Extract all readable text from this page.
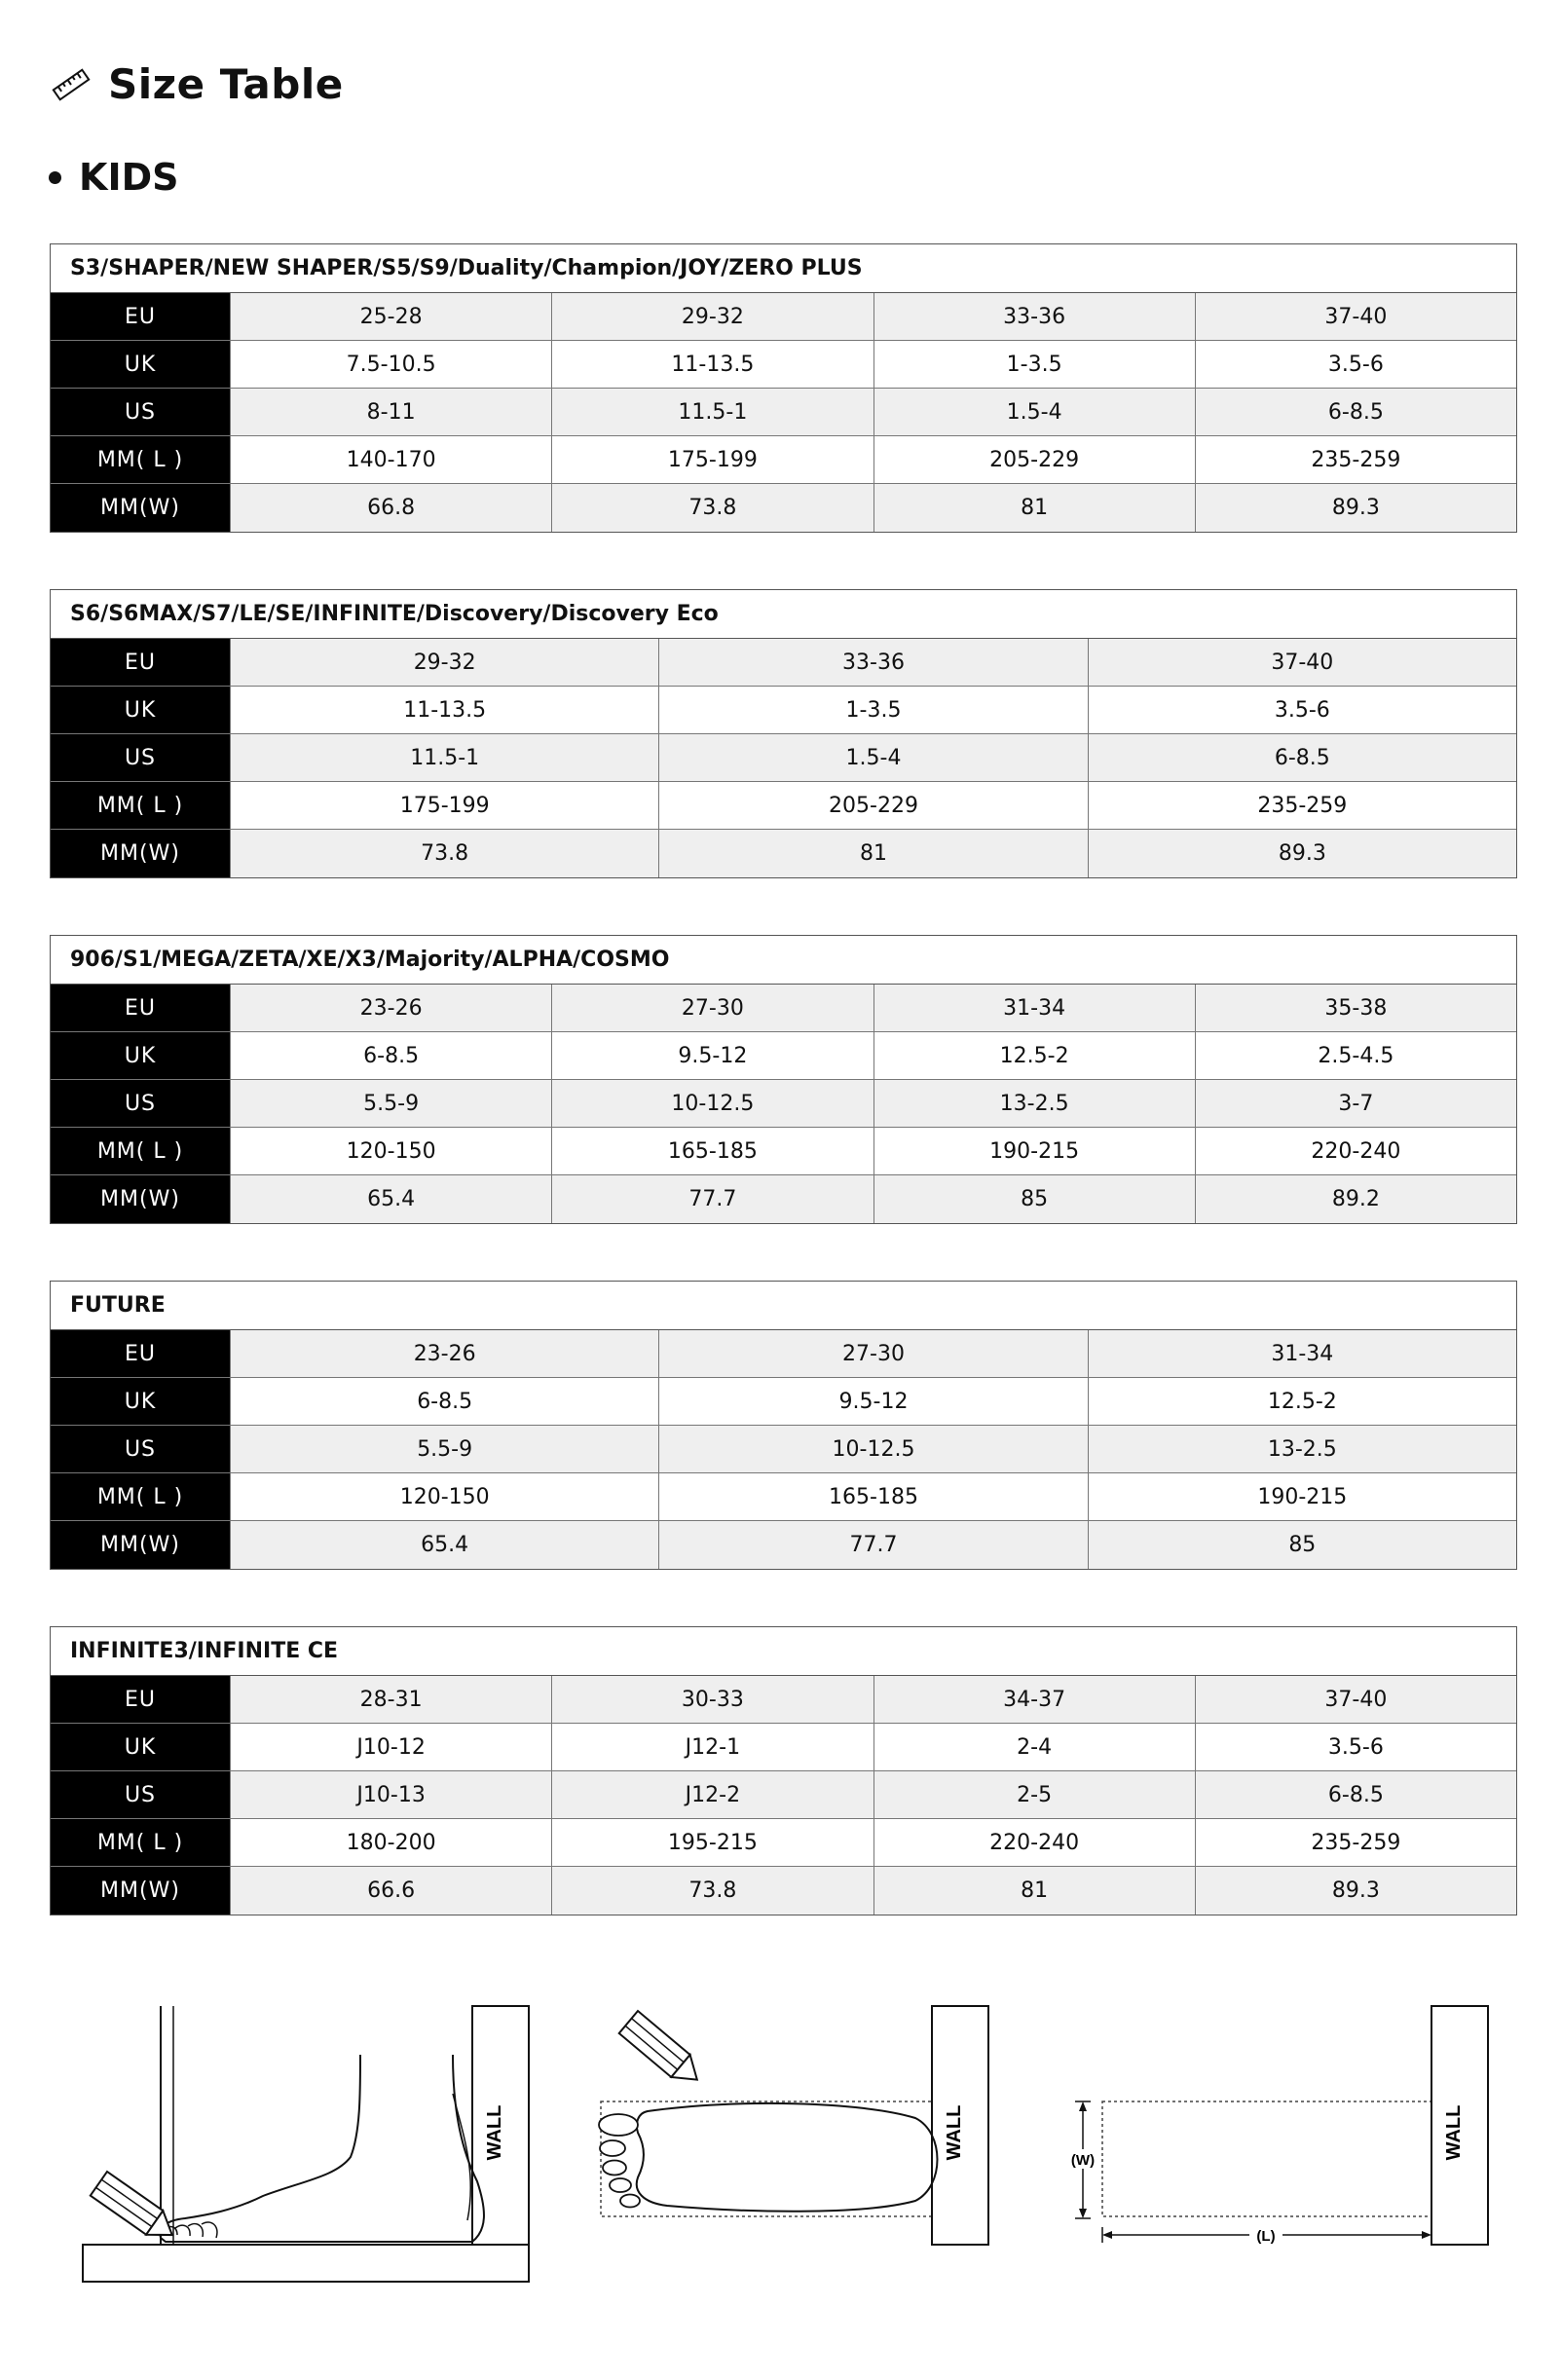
Size Table
KIDS
S3/SHAPER/NEW SHAPER/S5/S9/Duality/Champion/JOY/ZERO PLUS
EU	25-28	29-32	33-36	37-40
UK	7.5-10.5	11-13.5	1-3.5	3.5-6
US	8-11	11.5-1	1.5-4	6-8.5
MM( L )	140-170	175-199	205-229	235-259
MM(W)	66.8	73.8	81	89.3
S6/S6MAX/S7/LE/SE/INFINITE/Discovery/Discovery Eco
EU	29-32	33-36	37-40
UK	11-13.5	1-3.5	3.5-6
US	11.5-1	1.5-4	6-8.5
MM( L )	175-199	205-229	235-259
MM(W)	73.8	81	89.3
906/S1/MEGA/ZETA/XE/X3/Majority/ALPHA/COSMO
EU	23-26	27-30	31-34	35-38
UK	6-8.5	9.5-12	12.5-2	2.5-4.5
US	5.5-9	10-12.5	13-2.5	3-7
MM( L )	120-150	165-185	190-215	220-240
MM(W)	65.4	77.7	85	89.2
FUTURE
EU	23-26	27-30	31-34
UK	6-8.5	9.5-12	12.5-2
US	5.5-9	10-12.5	13-2.5
MM( L )	120-150	165-185	190-215
MM(W)	65.4	77.7	85
INFINITE3/INFINITE CE
EU	28-31	30-33	34-37	37-40
UK	J10-12	J12-1	2-4	3.5-6
US	J10-13	J12-2	2-5	6-8.5
MM( L )	180-200	195-215	220-240	235-259
MM(W)	66.6	73.8	81	89.3
WALL	WALL
(W)
(L)
WALL
